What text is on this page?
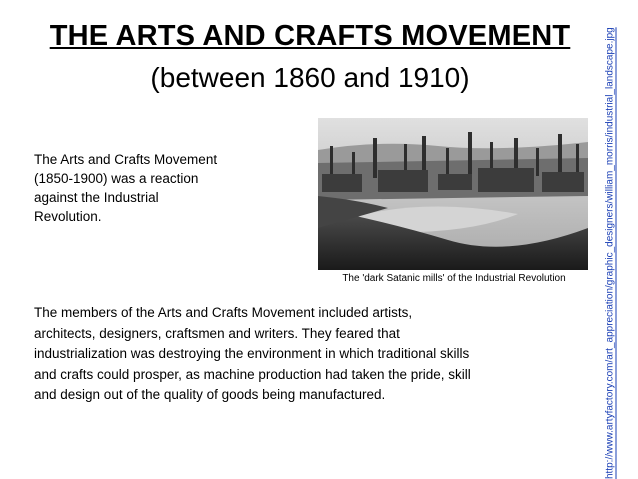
THE ARTS AND CRAFTS MOVEMENT
(between 1860 and 1910)	http://www.artyfactory.com/art_appreciation/graphic_designers/william_morris/industrial_landscape.jpg
The Arts and Crafts Movement (1850-1900) was a reaction against the Industrial Revolution.
The 'dark Satanic mills' of the Industrial Revolution
The members of the Arts and Crafts Movement included artists, architects, designers, craftsmen and writers. They feared that industrialization was destroying the environment in which traditional skills and crafts could prosper, as machine production had taken the pride, skill and design out of the quality of goods being manufactured.
